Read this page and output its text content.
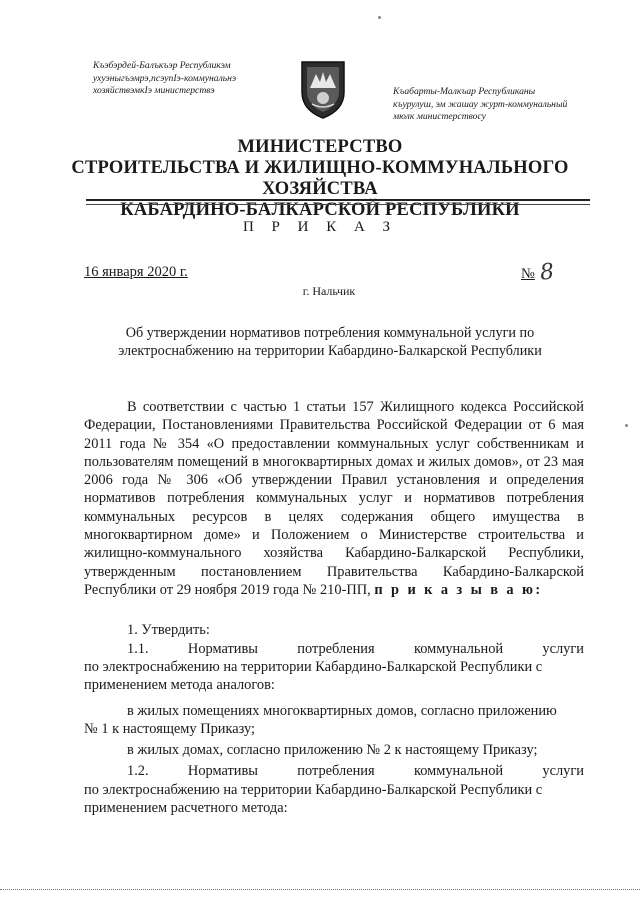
Къэбэрдей-Балъкъэр Республикэм
ухуэныгъэмрэ,псэупIэ-коммунальнэ
хозяйствэмкIэ министерствэ	Къабарты-Малкъар Республиканы
къурулуш, эм жашау журт-коммунальный
мюлк министерствосу
МИНИСТЕРСТВО
СТРОИТЕЛЬСТВА И ЖИЛИЩНО-КОММУНАЛЬНОГО ХОЗЯЙСТВА
КАБАРДИНО-БАЛКАРСКОЙ РЕСПУБЛИКИ
П Р И К А З
16 января 2020 г.	№ 8
г. Нальчик
Об утверждении нормативов потребления коммунальной услуги по электроснабжению на территории Кабардино-Балкарской Республики
В соответствии с частью 1 статьи 157 Жилищного кодекса Российской Федерации, Постановлениями Правительства Российской Федерации от 6 мая 2011 года № 354 «О предоставлении коммунальных услуг собственникам и пользователям помещений в многоквартирных домах и жилых домов», от 23 мая 2006 года № 306 «Об утверждении Правил установления и определения нормативов потребления коммунальных услуг и нормативов потребления коммунальных ресурсов в целях содержания общего имущества в многоквартирном доме» и Положением о Министерстве строительства и жилищно-коммунального хозяйства Кабардино-Балкарской Республики, утвержденным постановлением Правительства Кабардино-Балкарской Республики от 29 ноября 2019 года № 210-ПП, п р и к а з ы в а ю:
1. Утвердить:
1.1.	Нормативы	потребления	коммунальной	услуги
по электроснабжению на территории Кабардино-Балкарской Республики с
применением метода аналогов:
в жилых помещениях многоквартирных домов, согласно приложению
№ 1 к настоящему Приказу;
в жилых домах, согласно приложению № 2 к настоящему Приказу;
1.2.	Нормативы	потребления	коммунальной	услуги
по электроснабжению на территории Кабардино-Балкарской Республики с
применением расчетного метода:
